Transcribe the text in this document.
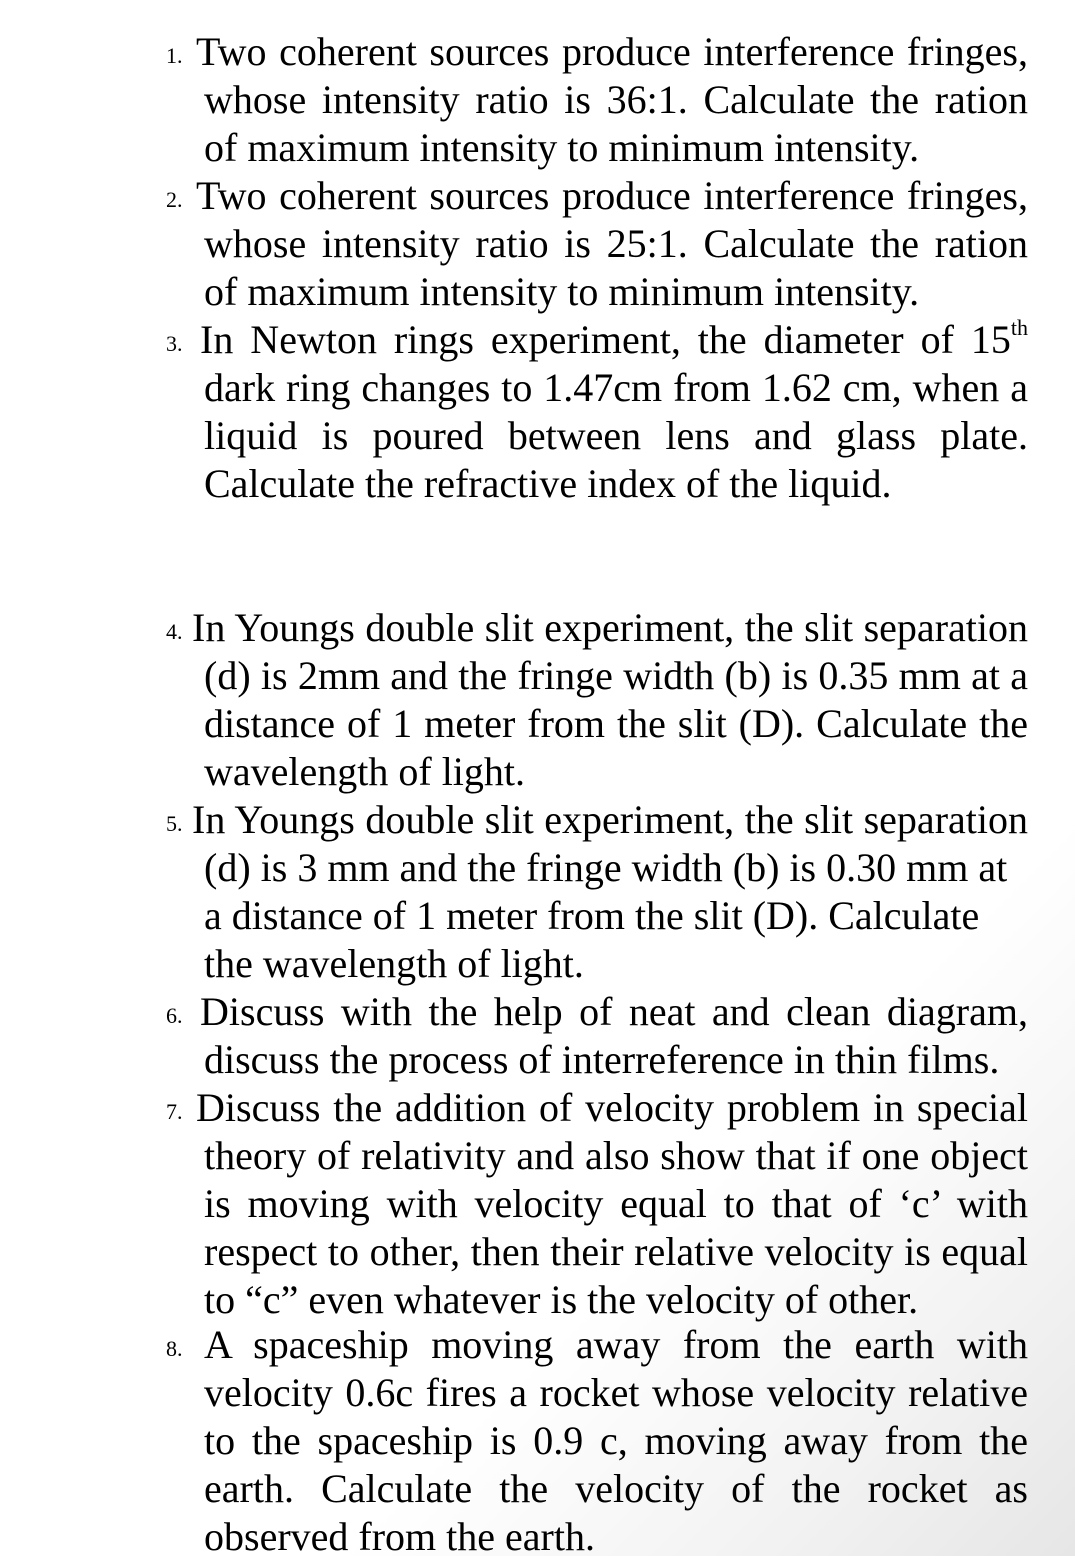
1. Two coherent sources produce interference fringes,
whose intensity ratio is 36:1. Calculate the ration
of maximum intensity to minimum intensity.
2. Two coherent sources produce interference fringes,
whose intensity ratio is 25:1. Calculate the ration
of maximum intensity to minimum intensity.
3. In Newton rings experiment, the diameter of 15th
dark ring changes to 1.47cm from 1.62 cm, when a
liquid is poured between lens and glass plate.
Calculate the refractive index of the liquid.
4. In Youngs double slit experiment, the slit separation
(d) is 2mm and the fringe width (b) is 0.35 mm at a
distance of 1 meter from the slit (D). Calculate the
wavelength of light.
5. In Youngs double slit experiment, the slit separation
(d) is 3 mm and the fringe width (b) is 0.30 mm at
a distance of 1 meter from the slit (D). Calculate
the wavelength of light.
6. Discuss with the help of neat and clean diagram,
discuss the process of interreference in thin films.
7. Discuss the addition of velocity problem in special
theory of relativity and also show that if one object
is moving with velocity equal to that of ‘c’ with
respect to other, then their relative velocity is equal
to “c” even whatever is the velocity of other.
8. A spaceship moving away from the earth with
velocity 0.6c fires a rocket whose velocity relative
to the spaceship is 0.9 c, moving away from the
earth. Calculate the velocity of the rocket as
observed from the earth.
